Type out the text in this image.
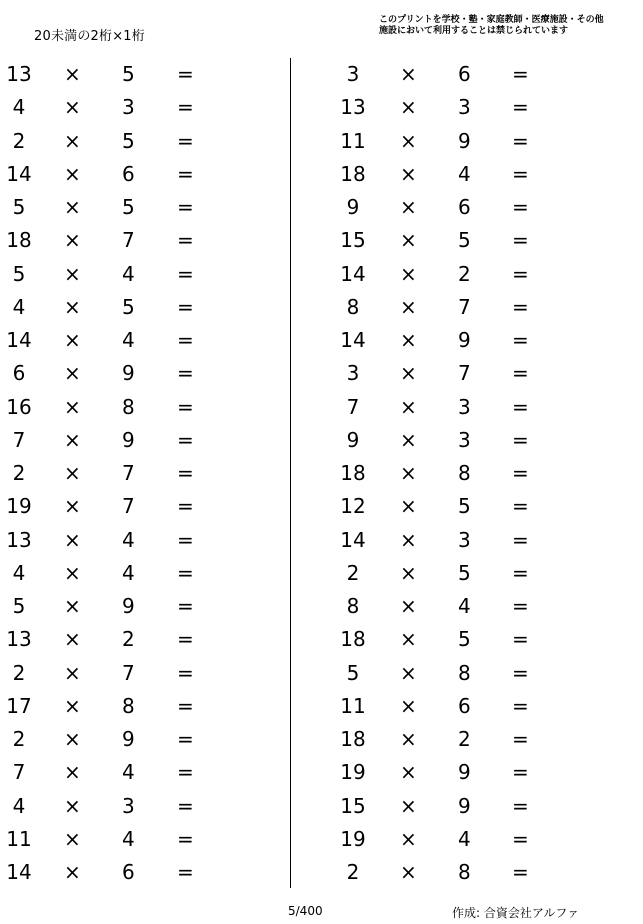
20未満の2桁×1桁
このプリントを学校・塾・家庭教師・医療施設・その他
施設において利用することは禁じられています
13 × 5 =
4	× 3 =
2	× 5 =
14 × 6 =
5	× 5 =
18 × 7 =
5	× 4 =
4	× 5 =
14 × 4 =
6	× 9 =
16 × 8 =
7	× 9 =
2	× 7 =
19 × 7 =
13 × 4 =
4	× 4 =
5	× 9 =
13 × 2 =
2	× 7 =
17 × 8 =
2	× 9 =
7	× 4 =
4	× 3 =
11 × 4 =
14 × 6 =
3	× 6 =
13 × 3 =
11 × 9 =
18 × 4 =
9	× 6 =
15 × 5 =
14 × 2 =
8	× 7 =
14 × 9 =
3	× 7 =
7	× 3 =
9	× 3 =
18 × 8 =
12 × 5 =
14 × 3 =
2	× 5 =
8	× 4 =
18 × 5 =
5	× 8 =
11 × 6 =
18 × 2 =
19 × 9 =
15 × 9 =
19 × 4 =
2	× 8 =
5/400	作成: 合資会社アルファ
